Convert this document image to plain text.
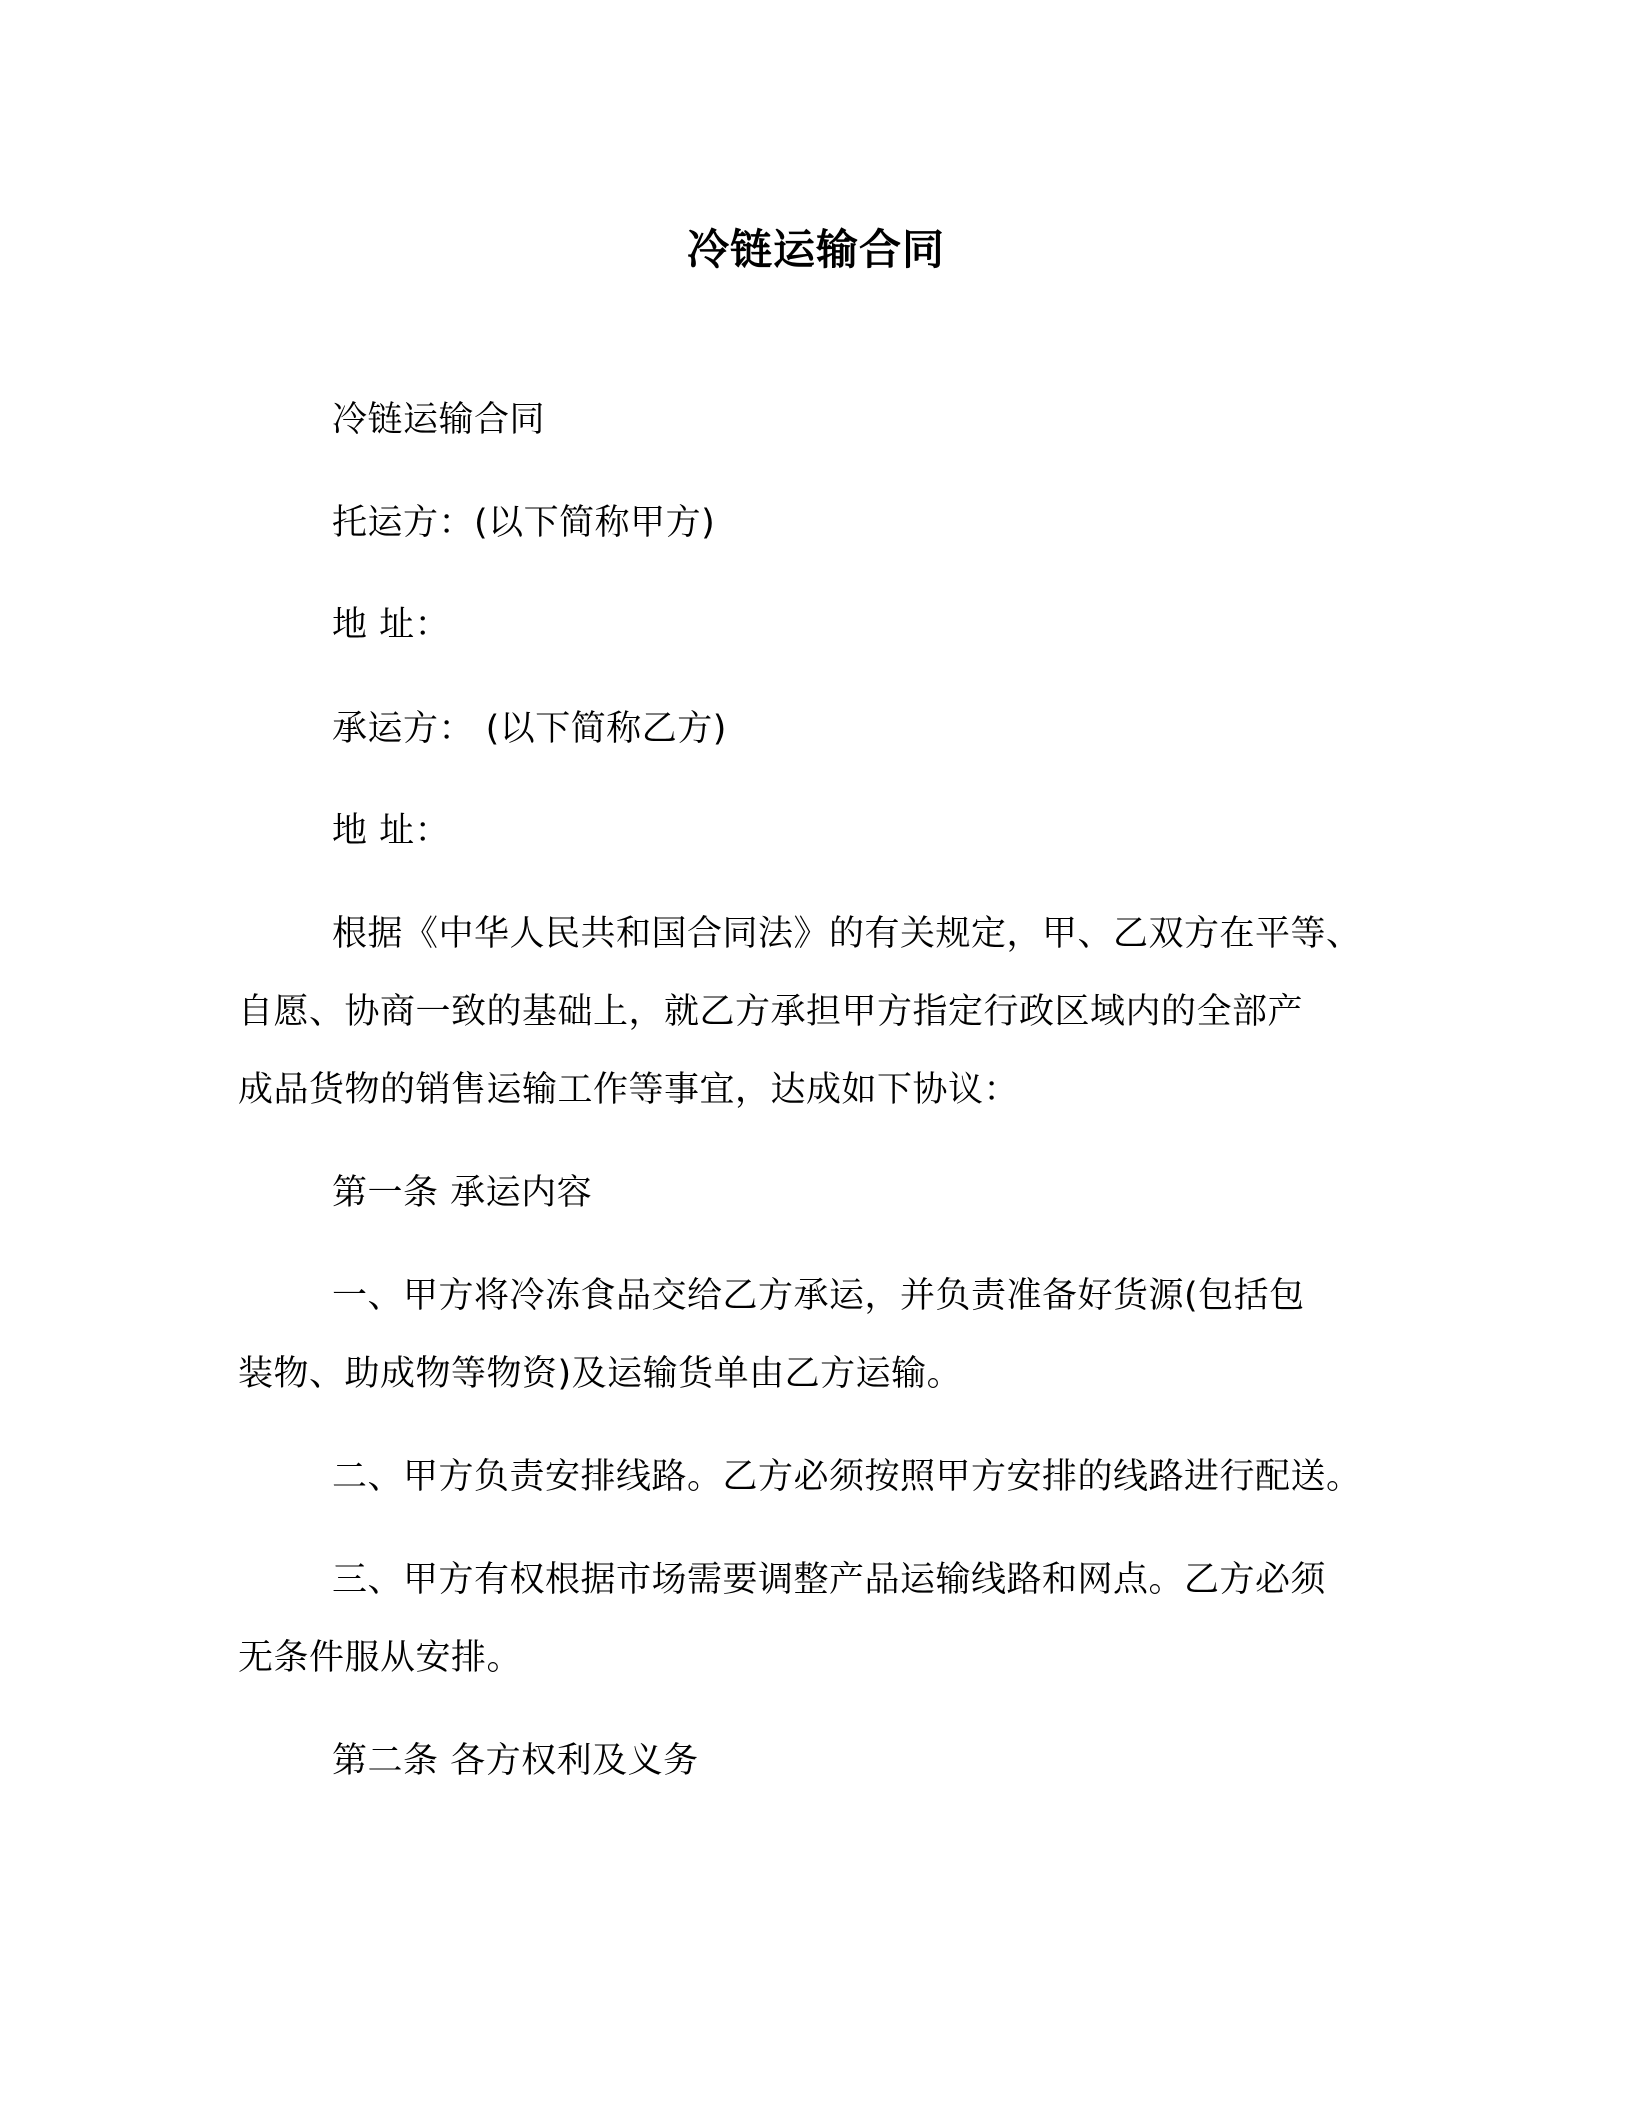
冷链运输合同
冷链运输合同
托运方：(以下简称甲方)
地 址：
承运方： (以下简称乙方)
地 址：
根据《中华人民共和国合同法》的有关规定，甲、乙双方在平等、
自愿、协商一致的基础上，就乙方承担甲方指定行政区域内的全部产
成品货物的销售运输工作等事宜，达成如下协议：
第一条 承运内容
一、甲方将冷冻食品交给乙方承运，并负责准备好货源(包括包
装物、助成物等物资)及运输货单由乙方运输。
二、甲方负责安排线路。乙方必须按照甲方安排的线路进行配送。
三、甲方有权根据市场需要调整产品运输线路和网点。乙方必须
无条件服从安排。
第二条 各方权利及义务
